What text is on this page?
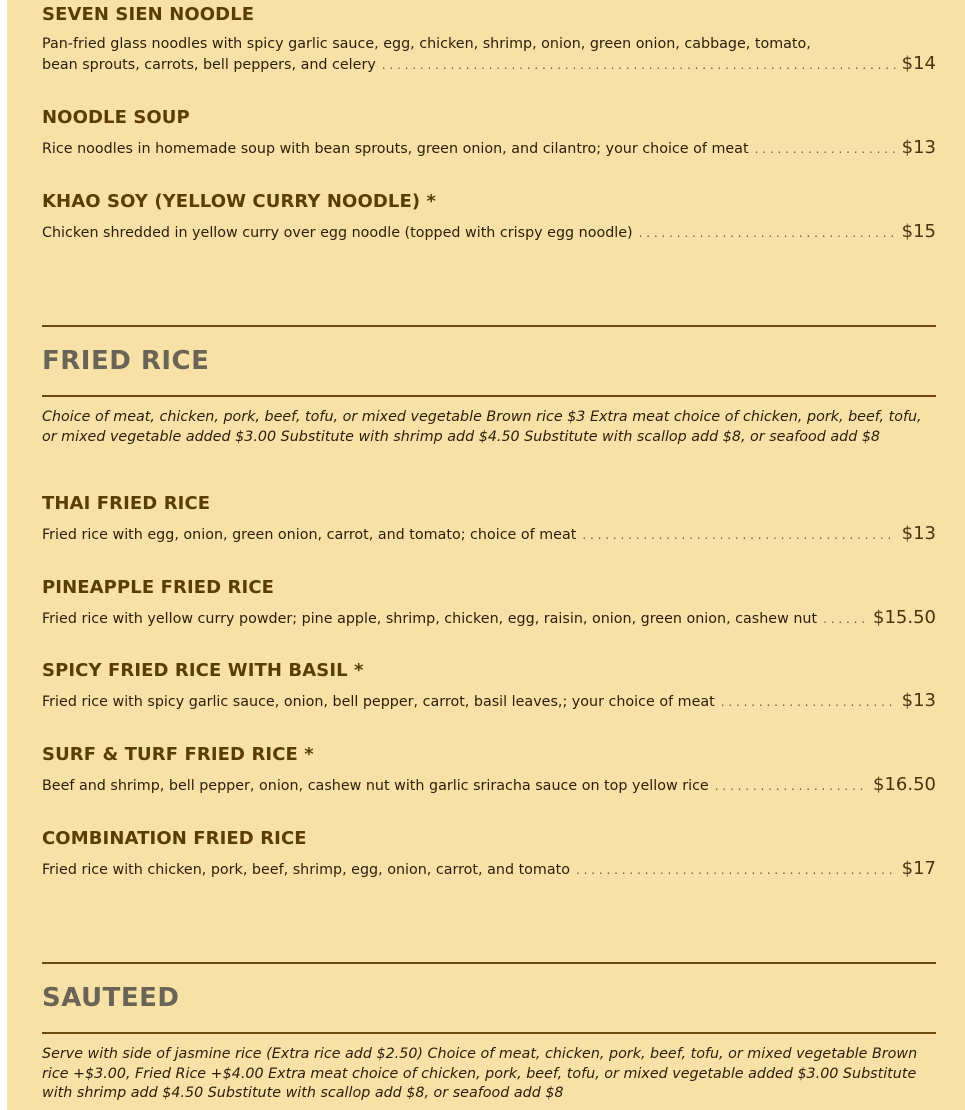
SEVEN SIEN NOODLE
Pan-fried glass noodles with spicy garlic sauce, egg, chicken, shrimp, onion, green onion, cabbage, tomato,
bean sprouts, carrots, bell peppers, and celery . . .	$14
NOODLE SOUP
Rice noodles in homemade soup with bean sprouts, green onion, and cilantro; your choice of meat . . .	$13
KHAO SOY (YELLOW CURRY NOODLE) *
Chicken shredded in yellow curry over egg noodle (topped with crispy egg noodle) . . .	$15
FRIED RICE
Choice of meat, chicken, pork, beef, tofu, or mixed vegetable Brown rice $3 Extra meat choice of chicken, pork, beef, tofu, or mixed vegetable added $3.00 Substitute with shrimp add $4.50 Substitute with scallop add $8, or seafood add $8
THAI FRIED RICE
Fried rice with egg, onion, green onion, carrot, and tomato; choice of meat . . .	$13
PINEAPPLE FRIED RICE
Fried rice with yellow curry powder; pine apple, shrimp, chicken, egg, raisin, onion, green onion, cashew nut . . .	$15.50
SPICY FRIED RICE WITH BASIL *
Fried rice with spicy garlic sauce, onion, bell pepper, carrot, basil leaves,; your choice of meat . . .	$13
SURF & TURF FRIED RICE *
Beef and shrimp, bell pepper, onion, cashew nut with garlic sriracha sauce on top yellow rice . . .	$16.50
COMBINATION FRIED RICE
Fried rice with chicken, pork, beef, shrimp, egg, onion, carrot, and tomato . . .	$17
SAUTEED
Serve with side of jasmine rice (Extra rice add $2.50) Choice of meat, chicken, pork, beef, tofu, or mixed vegetable Brown rice +$3.00, Fried Rice +$4.00 Extra meat choice of chicken, pork, beef, tofu, or mixed vegetable added $3.00 Substitute with shrimp add $4.50 Substitute with scallop add $8, or seafood add $8
